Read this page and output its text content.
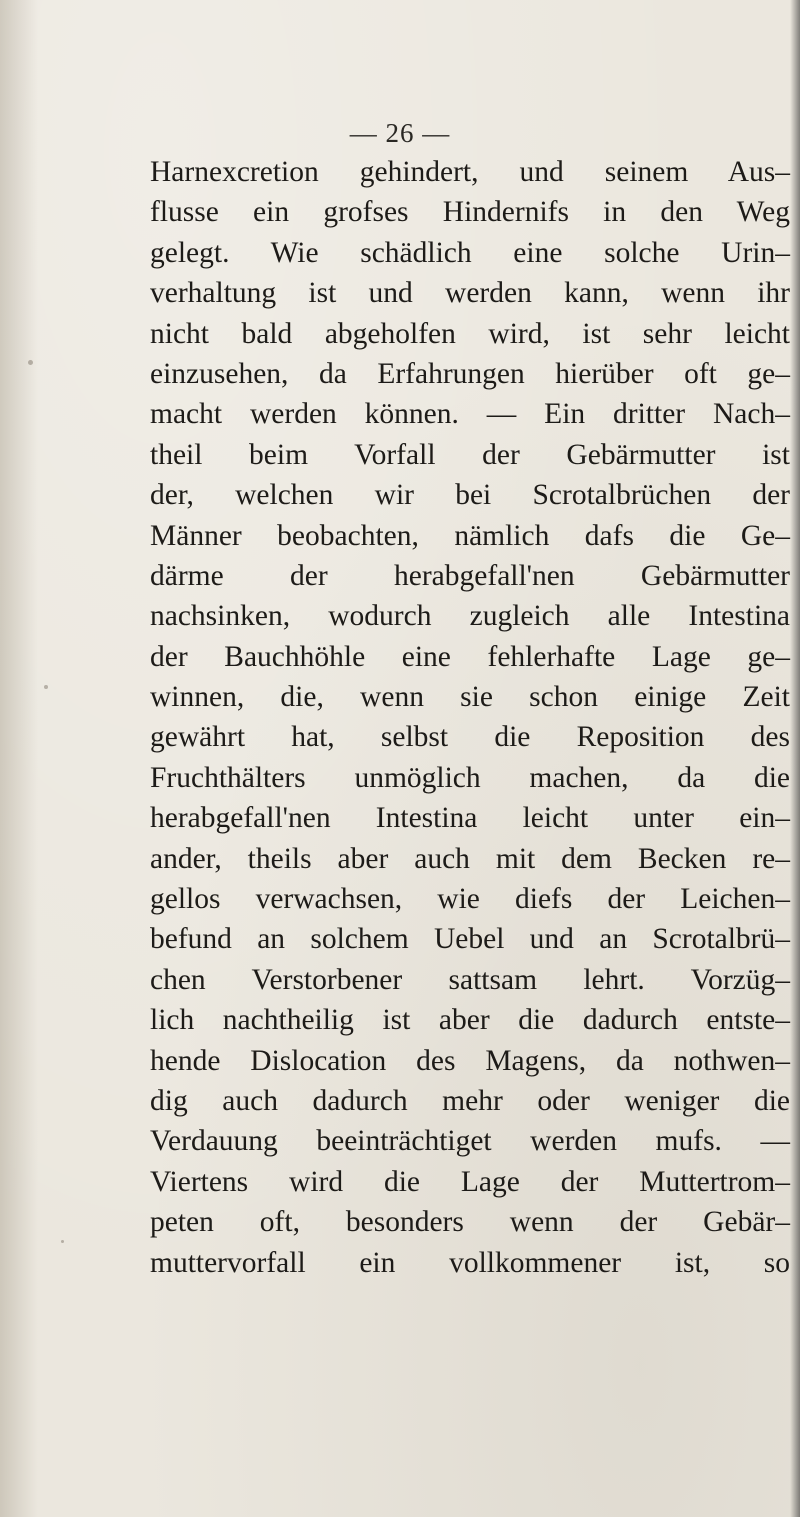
— 26 —
Harnexcretion gehindert, und seinem Aus–
flusse ein grofses Hindernifs in den Weg
gelegt. Wie schädlich eine solche Urin–
verhaltung ist und werden kann, wenn ihr
nicht bald abgeholfen wird, ist sehr leicht
einzusehen, da Erfahrungen hierüber oft ge–
macht werden können. — Ein dritter Nach–
theil beim Vorfall der Gebärmutter ist
der, welchen wir bei Scrotalbrüchen der
Männer beobachten, nämlich dafs die Ge–
därme der herabgefall'nen Gebärmutter
nachsinken, wodurch zugleich alle Intestina
der Bauchhöhle eine fehlerhafte Lage ge–
winnen, die, wenn sie schon einige Zeit
gewährt hat, selbst die Reposition des
Fruchthälters unmöglich machen, da die
herabgefall'nen Intestina leicht unter ein–
ander, theils aber auch mit dem Becken re–
gellos verwachsen, wie diefs der Leichen–
befund an solchem Uebel und an Scrotalbrü–
chen Verstorbener sattsam lehrt. Vorzüg–
lich nachtheilig ist aber die dadurch entste–
hende Dislocation des Magens, da nothwen–
dig auch dadurch mehr oder weniger die
Verdauung beeinträchtiget werden mufs. —
Viertens wird die Lage der Muttertrom–
peten oft, besonders wenn der Gebär–
muttervorfall ein vollkommener ist, so
